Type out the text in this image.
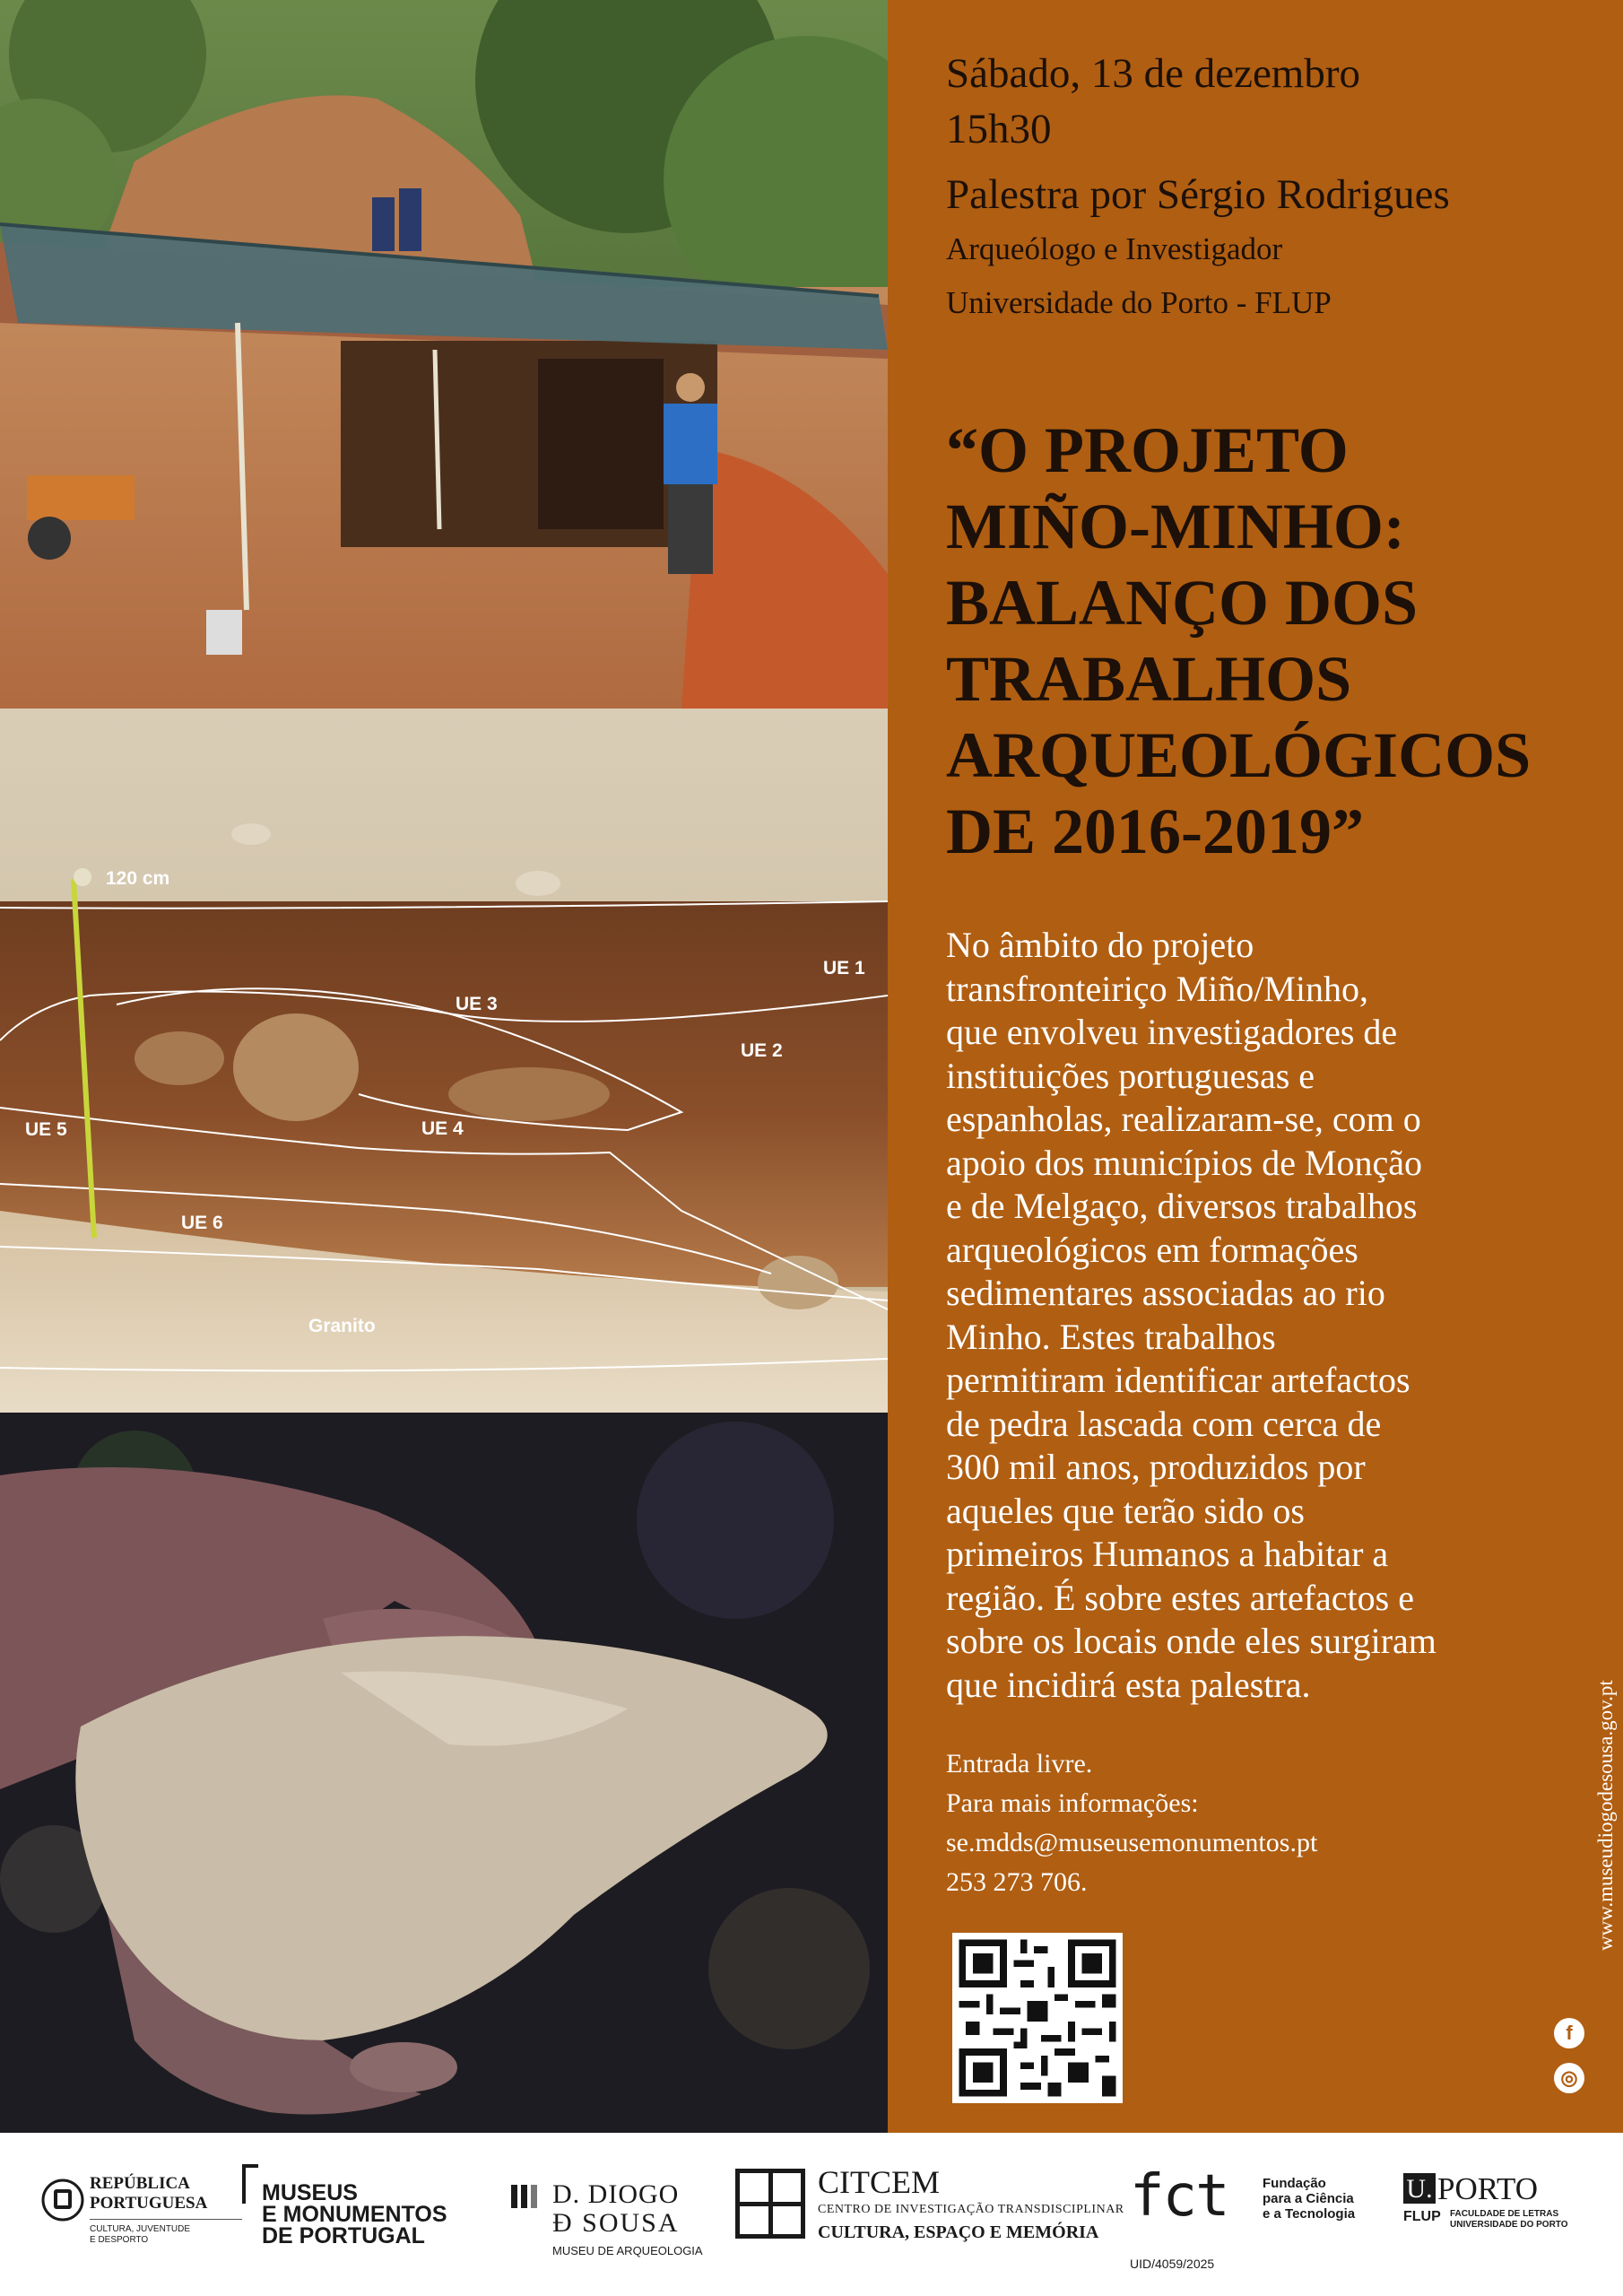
120 cm
UE 1
UE 2
UE 3
UE 4
UE 5
UE 6
Granito
Sábado, 13 de dezembro
15h30
Palestra por Sérgio Rodrigues
Arqueólogo e Investigador
Universidade do Porto - FLUP
“O PROJETO
MIÑO-MINHO:
BALANÇO DOS
TRABALHOS
ARQUEOLÓGICOS
DE 2016-2019”
No âmbito do projeto
transfronteiriço Miño/Minho,
que envolveu investigadores de
instituições portuguesas e
espanholas, realizaram-se, com o
apoio dos municípios de Monção
e de Melgaço, diversos trabalhos
arqueológicos em formações
sedimentares associadas ao rio
Minho. Estes trabalhos
permitiram identificar artefactos
de pedra lascada com cerca de
300 mil anos, produzidos por
aqueles que terão sido os
primeiros Humanos a habitar a
região. É sobre estes artefactos e
sobre os locais onde eles surgiram
que incidirá esta palestra.
Entrada livre.
Para mais informações:
se.mdds@museusemonumentos.pt
253 273 706.	www.museudiogodesousa.gov.pt
f
◎
REPÚBLICA
PORTUGUESA
CULTURA, JUVENTUDE E DESPORTO
MUSEUS
E MONUMENTOS
DE PORTUGAL
D. DIOGO
Đ SOUSA
MUSEU DE ARQUEOLOGIA
CITCEM
CENTRO DE INVESTIGAÇÃO TRANSDISCIPLINAR
CULTURA, ESPAÇO E MEMÓRIA
fct	Fundação
para a Ciência
e a Tecnologia
UID/4059/2025
U. PORTO
FLUP FACULDADE DE LETRAS
UNIVERSIDADE DO PORTO
